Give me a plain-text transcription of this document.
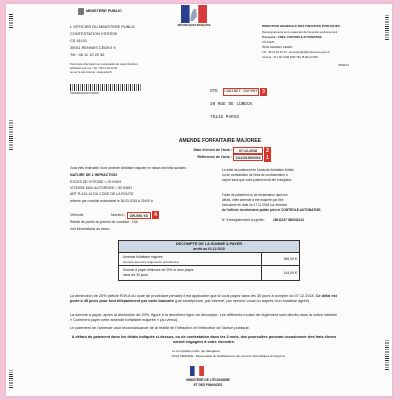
MINISTERE PUBLIC
L OFFICIER DU MINISTERE PUBLIC
CONTESTATION VITESSE
CS 41101
35911 RENNES CEDEX 9
Tél : 08 11 10 20 30
Pour toute information ou contestation de cette infraction,
adressez-vous au : Tél : 08 11 10 20 30
ou sur le site internet : www.antai.fr
P0000000102218189
RÉPUBLIQUE FRANÇAISE	DIRECTION GENERALE DES FINANCES PUBLIQUES
Renseignements sur le paiement de l'amende exclusivement
Trésorerie : TRES. CONTROLE AUTOMATISE
CS 41125
35911 RENNES CEDEX
Tél : 08 11 10 10 10 ; amendes@dgfip.finances.gouv.fr
Accueil : TLJ SF SAM PAR TEL 8H30-17H00
350044
STE CABINET DUPONT 3
20 RUE DE LUBECK
75116 PARIS
AMENDE FORFAITAIRE MAJOREE
Date d'envoi de l'avis : 07.12.2018	2
Référence de l'avis : 11111019000016	1
Vous êtes redevable d'une amende forfaitaire majorée en raison des faits suivants :
NATURE DE L'INFRACTION
EXCES DE VITESSE < 20 KM/H
VITESSE MAX AUTORISEE = 50 KM/H
ART R.413-14 DU CODE DE LA ROUTE
relevée par contrôle automatisé le 26.03.2018 à 21h00 à
Véhicule	Numéro : DR-550-YD	4
Retrait de points du permis de conduire : OUI
Voir informations au verso.
Le délai de paiement de l'amende forfaitaire initiale
ou de contestation de l'avis de contravention a
expiré sans que votre paiement ait été enregistré.
Faute de paiement ou de réclamation dans les
délais, cette amende a été majorée par titre
exécutoire en date du 27.11.2018 sur décision
de l'officier du ministère public près le CONTROLE AUTOMATISE.
N° d'enregistrement au greffe : 18011247 360941413
DECOMPTE DE LA SOMME A PAYER
arrêté au 01.12.2018
Amende forfaitaire majorée
(compte-tenu des règlements précédents)
180,00 €
Somme à payer diminuée de 20% si vous payez
dans les 30 jours
144,00 €
La diminution de 20% (article R49-8 du code de procédure pénale) n'est applicable que si vous payez dans les 30 jours à compter du 07.12.2018. Ce délai est porté à 45 jours pour tout télépaiement par carte bancaire (par smartphone, par internet, par serveur vocal ou auprès d'un buraliste agréé).
La somme à payer, après la diminution de 20%, figure à la deuxième ligne du décompte. Les différents modes de règlement sont décrits dans la notice intitulée « Comment payer cette amende forfaitaire majorée » (au verso).
Le paiement de l'amende vaut reconnaissance de la réalité de l'infraction et l'extinction de l'action publique.
A défaut de paiement dans les délais indiqués ci-dessus, ou de contestation dans les 3 mois, des poursuites pouvant occasionner des frais élevés seront engagées à votre encontre.
Le Comptable public, par délégation
David TERRADE - Responsable de l'établissement des services informatiques de Mayenne
MINISTÈRE DE L'ÉCONOMIE
ET DES FINANCES
